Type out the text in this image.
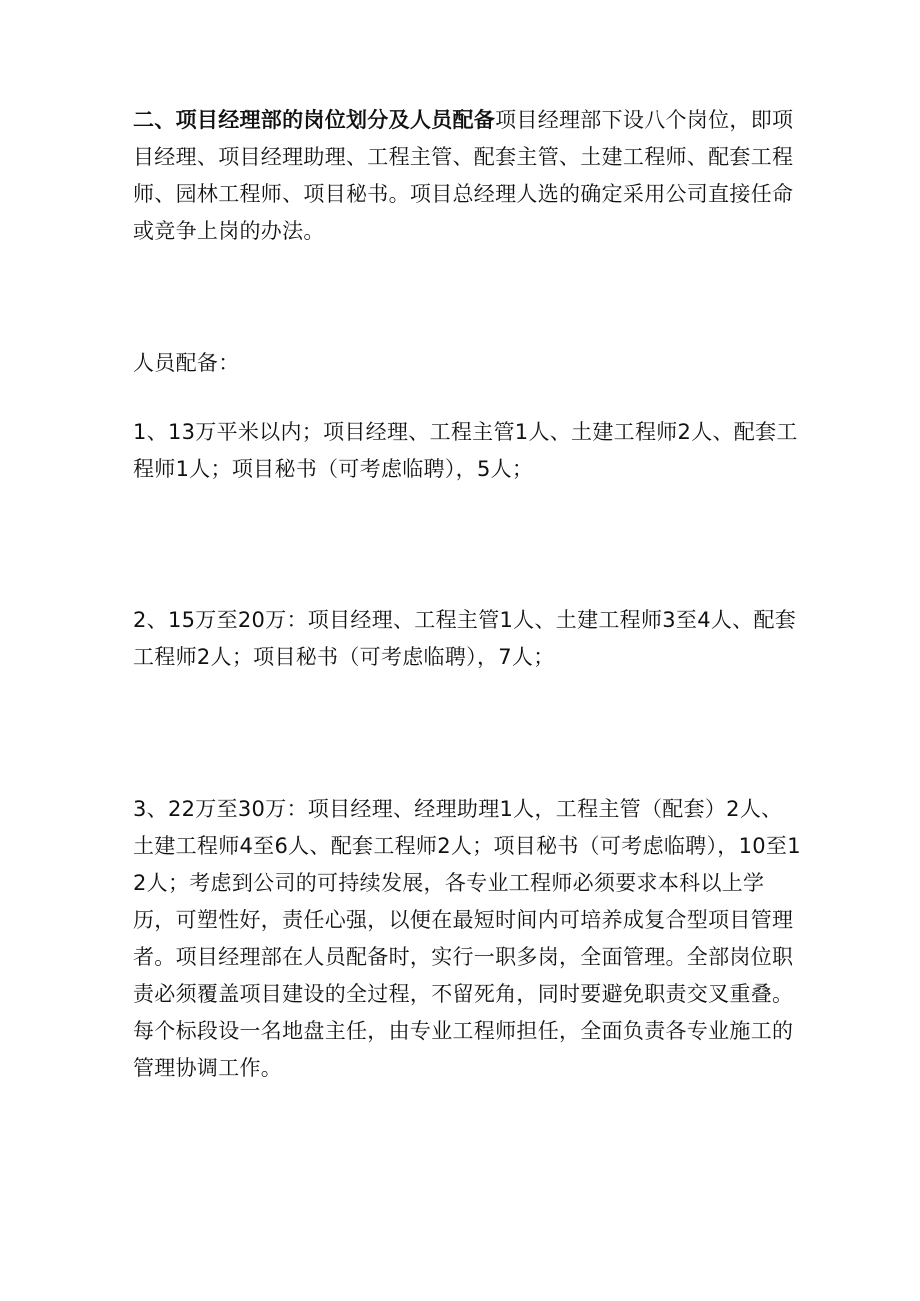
二、项目经理部的岗位划分及人员配备项目经理部下设八个岗位，即项目经理、项目经理助理、工程主管、配套主管、土建工程师、配套工程师、园林工程师、项目秘书。项目总经理人选的确定采用公司直接任命或竞争上岗的办法。

人员配备：

1、13万平米以内；项目经理、工程主管1人、土建工程师2人、配套工程师1人；项目秘书（可考虑临聘），5人；

2、15万至20万：项目经理、工程主管1人、土建工程师3至4人、配套工程师2人；项目秘书（可考虑临聘），7人；

3、22万至30万：项目经理、经理助理1人，工程主管（配套）2人、土建工程师4至6人、配套工程师2人；项目秘书（可考虑临聘），10至12人；考虑到公司的可持续发展，各专业工程师必须要求本科以上学历，可塑性好，责任心强，以便在最短时间内可培养成复合型项目管理者。项目经理部在人员配备时，实行一职多岗，全面管理。全部岗位职责必须覆盖项目建设的全过程，不留死角，同时要避免职责交叉重叠。每个标段设一名地盘主任，由专业工程师担任，全面负责各专业施工的管理协调工作。
